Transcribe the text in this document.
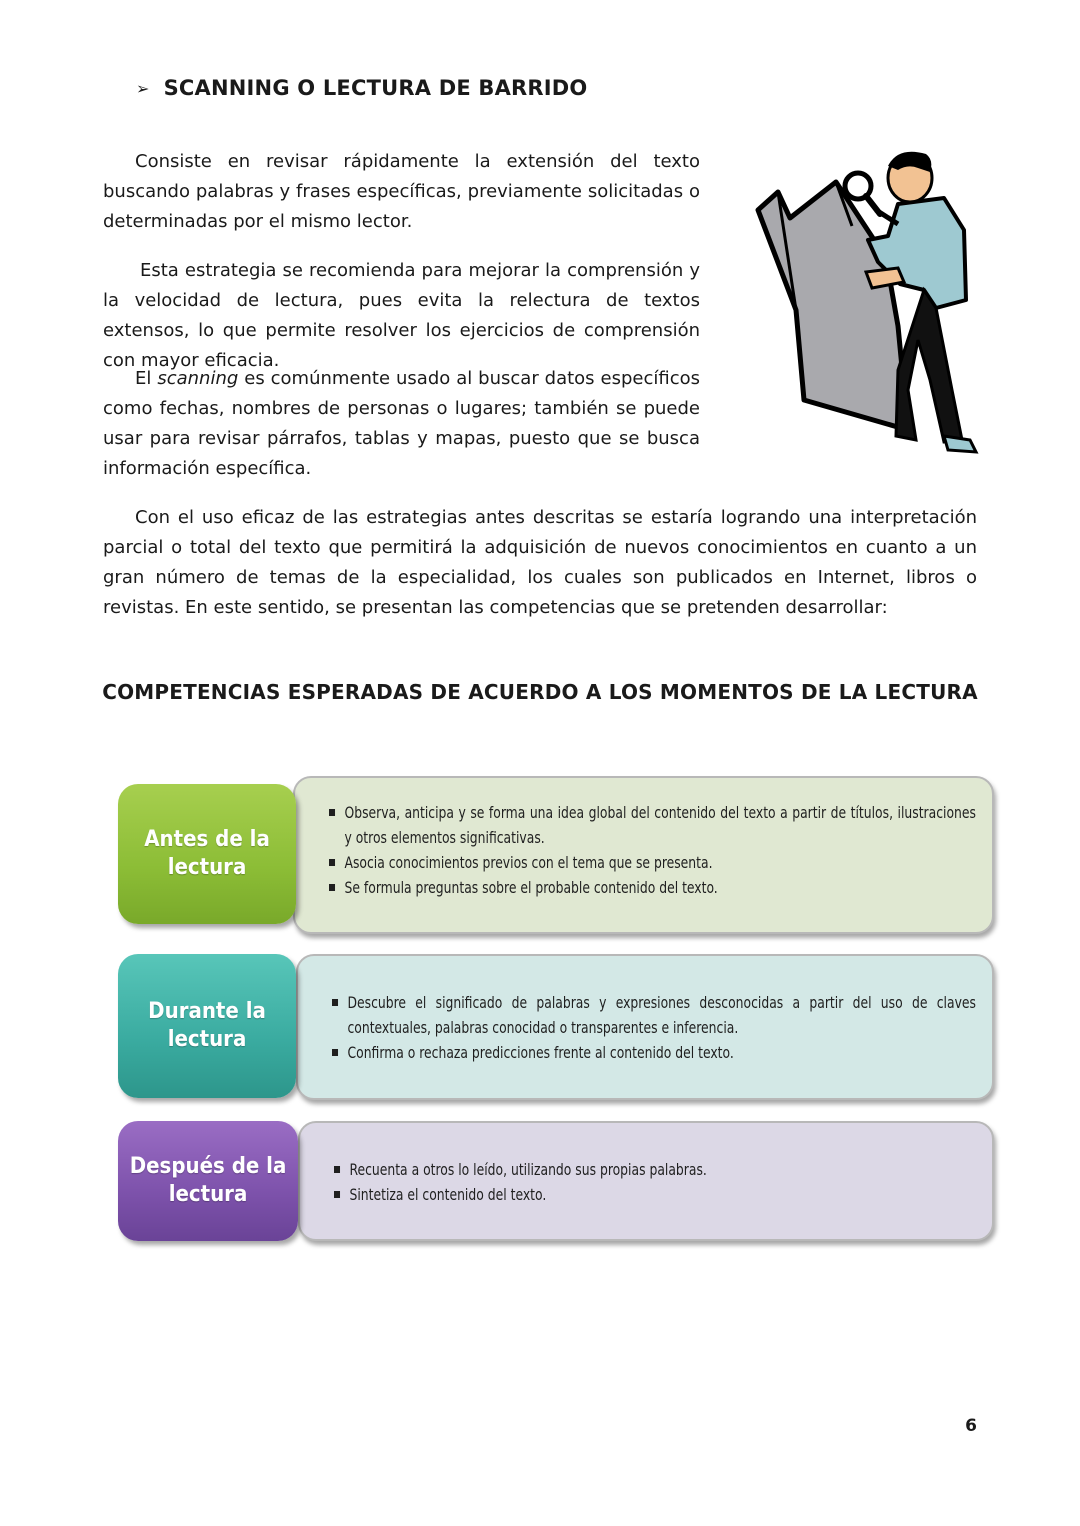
➢ SCANNING O LECTURA DE BARRIDO

Consiste en revisar rápidamente la extensión del texto buscando palabras y frases específicas, previamente solicitadas o determinadas por el mismo lector.

Esta estrategia se recomienda para mejorar la comprensión y la velocidad de lectura, pues evita la relectura de textos extensos, lo que permite resolver los ejercicios de comprensión con mayor eficacia.

El scanning es comúnmente usado al buscar datos específicos como fechas, nombres de personas o lugares; también se puede usar para revisar párrafos, tablas y mapas, puesto que se busca información específica.

Con el uso eficaz de las estrategias antes descritas se estaría logrando una interpretación parcial o total del texto que permitirá la adquisición de nuevos conocimientos en cuanto a un gran número de temas de la especialidad, los cuales son publicados en Internet, libros o revistas. En este sentido, se presentan las competencias que se pretenden desarrollar:

COMPETENCIAS ESPERADAS DE ACUERDO A LOS MOMENTOS DE LA LECTURA
Antes de la lectura
Observa, anticipa y se forma una idea global del contenido del texto a partir de títulos, ilustraciones y otros elementos significativas.
Asocia conocimientos previos con el tema que se presenta.
Se formula preguntas sobre el probable contenido del texto.
Durante la lectura
Descubre el significado de palabras y expresiones desconocidas a partir del uso de claves contextuales, palabras conocidad o transparentes e inferencia.
Confirma o rechaza predicciones frente al contenido del texto.
Después de la lectura
Recuenta a otros lo leído, utilizando sus propias palabras.
Sintetiza el contenido del texto.
6
